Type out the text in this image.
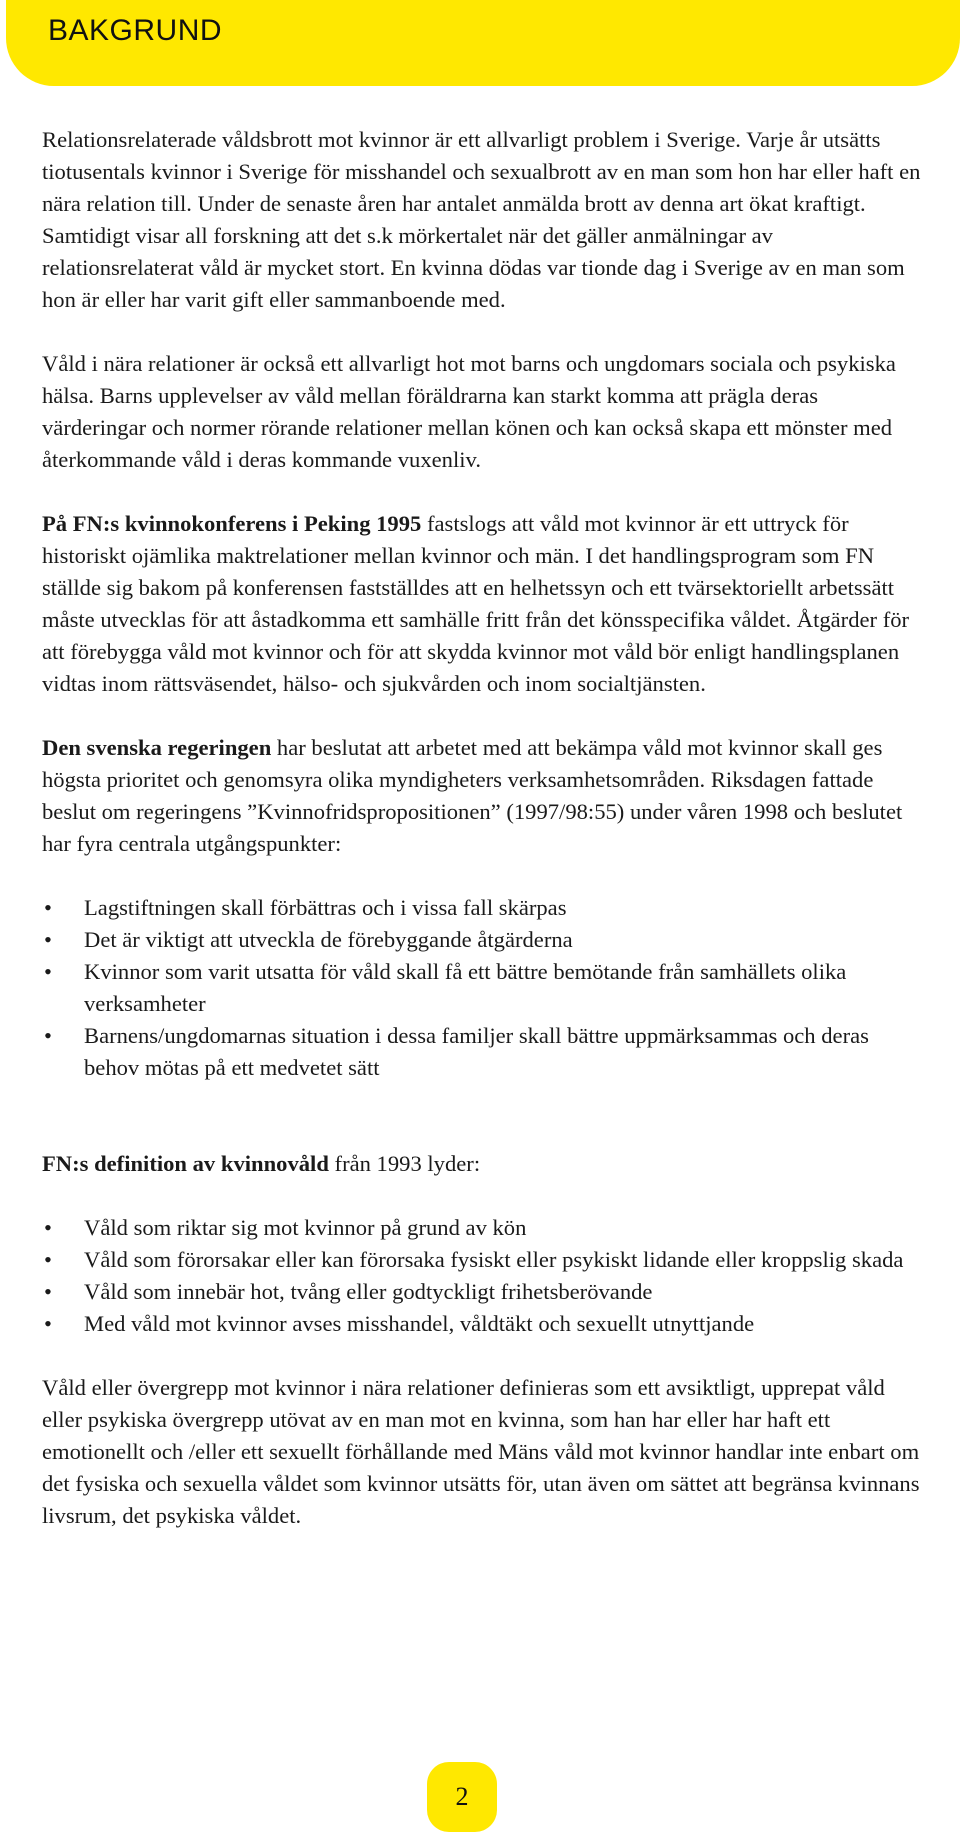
BAKGRUND

Relationsrelaterade våldsbrott mot kvinnor är ett allvarligt problem i Sverige. Varje år utsätts tiotusentals kvinnor i Sverige för misshandel och sexualbrott av en man som hon har eller haft en nära relation till. Under de senaste åren har antalet anmälda brott av denna art ökat kraftigt. Samtidigt visar all forskning att det s.k mörkertalet när det gäller anmälningar av relationsrelaterat våld är mycket stort. En kvinna dödas var tionde dag i Sverige av en man som hon är eller har varit gift eller sammanboende med.

Våld i nära relationer är också ett allvarligt hot mot barns och ungdomars sociala och psykiska hälsa. Barns upplevelser av våld mellan föräldrarna kan starkt komma att prägla deras värderingar och normer rörande relationer mellan könen och kan också skapa ett mönster med återkommande våld i deras kommande vuxenliv.

På FN:s kvinnokonferens i Peking 1995 fastslogs att våld mot kvinnor är ett uttryck för historiskt ojämlika maktrelationer mellan kvinnor och män. I det handlingsprogram som FN ställde sig bakom på konferensen fastställdes att en helhetssyn och ett tvärsektoriellt arbetssätt måste utvecklas för att åstadkomma ett samhälle fritt från det könsspecifika våldet. Åtgärder för att förebygga våld mot kvinnor och för att skydda kvinnor mot våld bör enligt handlingsplanen vidtas inom rättsväsendet, hälso- och sjukvården och inom socialtjänsten.

Den svenska regeringen har beslutat att arbetet med att bekämpa våld mot kvinnor skall ges högsta prioritet och genomsyra olika myndigheters verksamhetsområden. Riksdagen fattade beslut om regeringens ”Kvinnofridspropositionen” (1997/98:55) under våren 1998 och beslutet har fyra centrala utgångspunkter:

• Lagstiftningen skall förbättras och i vissa fall skärpas
• Det är viktigt att utveckla de förebyggande åtgärderna
• Kvinnor som varit utsatta för våld skall få ett bättre bemötande från samhällets olika verksamheter
• Barnens/ungdomarnas situation i dessa familjer skall bättre uppmärksammas och deras behov mötas på ett medvetet sätt

FN:s definition av kvinnovåld från 1993 lyder:

• Våld som riktar sig mot kvinnor på grund av kön
• Våld som förorsakar eller kan förorsaka fysiskt eller psykiskt lidande eller kroppslig skada
• Våld som innebär hot, tvång eller godtyckligt frihetsberövande
• Med våld mot kvinnor avses misshandel, våldtäkt och sexuellt utnyttjande

Våld eller övergrepp mot kvinnor i nära relationer definieras som ett avsiktligt, upprepat våld eller psykiska övergrepp utövat av en man mot en kvinna, som han har eller har haft ett emotionellt och /eller ett sexuellt förhållande med Mäns våld mot kvinnor handlar inte enbart om det fysiska och sexuella våldet som kvinnor utsätts för, utan även om sättet att begränsa kvinnans livsrum, det psykiska våldet.

2
